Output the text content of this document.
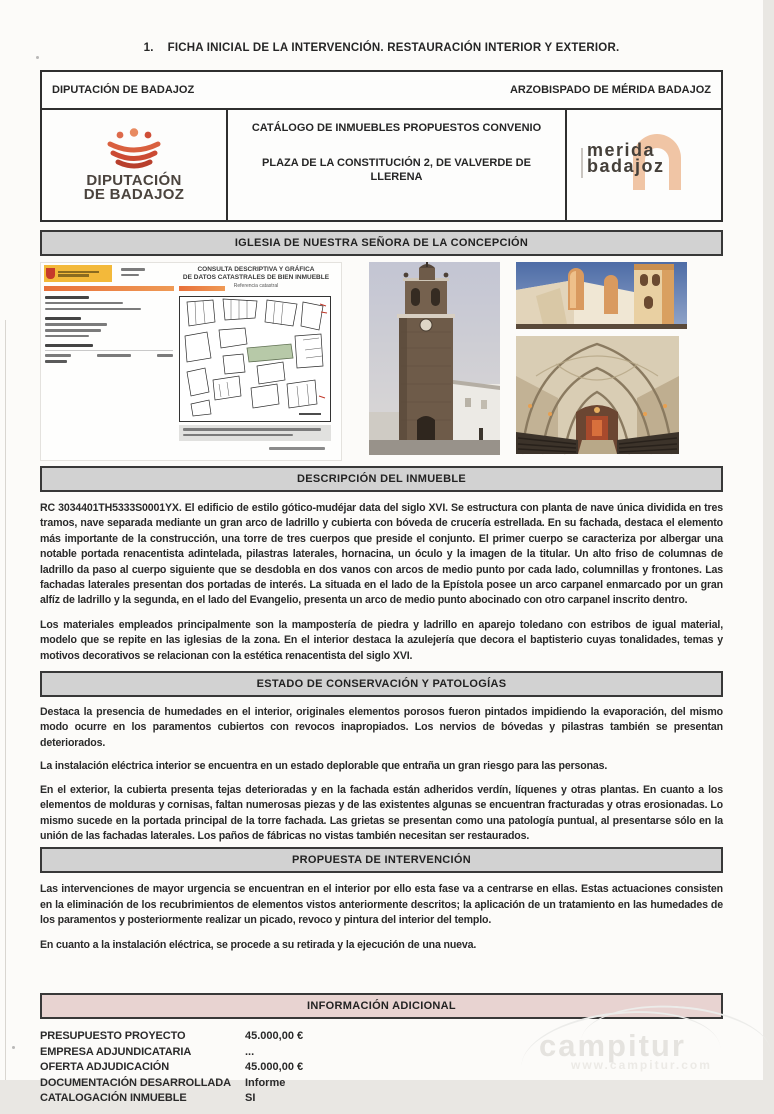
1. FICHA INICIAL DE LA INTERVENCIÓN. RESTAURACIÓN INTERIOR Y EXTERIOR.
DIPUTACIÓN DE BADAJOZ	ARZOBISPADO DE MÉRIDA BADAJOZ
DIPUTACIÓN
DE BADAJOZ
CATÁLOGO DE INMUEBLES PROPUESTOS CONVENIO
PLAZA DE LA CONSTITUCIÓN 2, DE VALVERDE DE LLERENA
merida
badajoz
IGLESIA DE NUESTRA SEÑORA DE LA CONCEPCIÓN
CONSULTA DESCRIPTIVA Y GRÁFICA
DE DATOS CATASTRALES DE BIEN INMUEBLE
Referencia catastral
DESCRIPCIÓN DEL INMUEBLE

RC 3034401TH5333S0001YX. El edificio de estilo gótico-mudéjar data del siglo XVI. Se estructura con planta de nave única dividida en tres tramos, nave separada mediante un gran arco de ladrillo y cubierta con bóveda de crucería estrellada. En su fachada, destaca el elemento más importante de la construcción, una torre de tres cuerpos que preside el conjunto. El primer cuerpo se caracteriza por albergar una notable portada renacentista adintelada, pilastras laterales, hornacina, un óculo y la imagen de la titular. Un alto friso de columnas de ladrillo da paso al cuerpo siguiente que se desdobla en dos vanos con arcos de medio punto por cada lado, columnillas y frontones. Las fachadas laterales presentan dos portadas de interés. La situada en el lado de la Epístola posee un arco carpanel enmarcado por un gran alfíz de ladrillo y la segunda, en el lado del Evangelio, presenta un arco de medio punto abocinado con otro carpanel inscrito dentro.

Los materiales empleados principalmente son la mampostería de piedra y ladrillo en aparejo toledano con estribos de igual material, modelo que se repite en las iglesias de la zona. En el interior destaca la azulejería que decora el baptisterio cuyas tonalidades, temas y motivos decorativos se relacionan con la estética renacentista del siglo XVI.

ESTADO DE CONSERVACIÓN Y PATOLOGÍAS

Destaca la presencia de humedades en el interior, originales elementos porosos fueron pintados impidiendo la evaporación, del mismo modo ocurre en los paramentos cubiertos con revocos inapropiados. Los nervios de bóvedas y pilastras también se presentan deteriorados.

La instalación eléctrica interior se encuentra en un estado deplorable que entraña un gran riesgo para las personas.

En el exterior, la cubierta presenta tejas deterioradas y en la fachada están adheridos verdín, líquenes y otras plantas. En cuanto a los elementos de molduras y cornisas, faltan numerosas piezas y de las existentes algunas se encuentran fracturadas y otras erosionadas. Lo mismo sucede en la portada principal de la torre fachada. Las grietas se presentan como una patología puntual, al presentarse sólo en la unión de las fachadas laterales. Los paños de fábricas no vistas también necesitan ser restaurados.

PROPUESTA DE INTERVENCIÓN

Las intervenciones de mayor urgencia se encuentran en el interior por ello esta fase va a centrarse en ellas. Estas actuaciones consisten en la eliminación de los recubrimientos de elementos vistos anteriormente descritos; la aplicación de un tratamiento en las humedades de los paramentos y posteriormente realizar un picado, revoco y pintura del interior del templo.

En cuanto a la instalación eléctrica, se procede a su retirada y la ejecución de una nueva.

INFORMACIÓN ADICIONAL
PRESUPUESTO PROYECTO	45.000,00 €
EMPRESA ADJUNDICATARIA	...
OFERTA ADJUDICACIÓN	45.000,00 €
DOCUMENTACIÓN DESARROLLADA	Informe
CATALOGACIÓN INMUEBLE	SI
campitur
www.campitur.com
